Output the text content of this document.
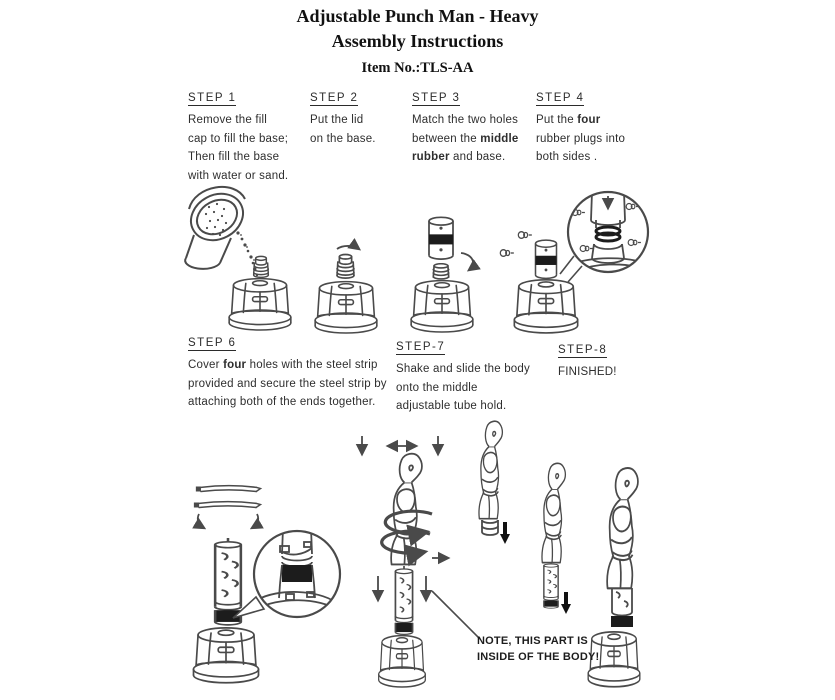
Adjustable Punch Man - Heavy
Assembly Instructions
Item No.:TLS-AA
STEP 1
Remove the fill
cap to fill the base;
Then fill the base
with water or sand.
STEP 2
Put the lid
on the base.
STEP 3
Match the two holes
between the middle
rubber and base.
STEP 4
Put the four
rubber plugs into
both sides .
STEP 6
Cover four holes with the steel strip
provided and secure the steel strip by
attaching both of the ends together.
STEP-7
Shake and slide the body
onto the middle
adjustable tube hold.
STEP-8
FINISHED!
NOTE, THIS PART IS
INSIDE OF THE BODY!
